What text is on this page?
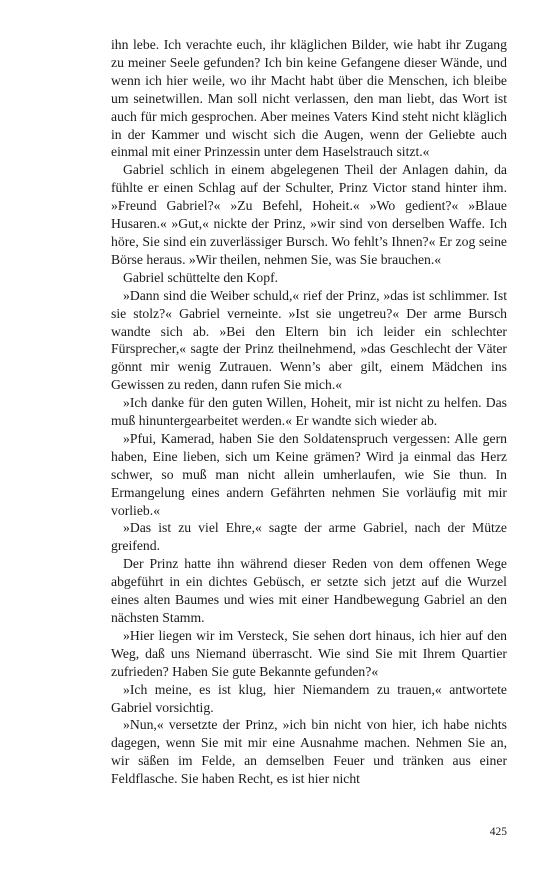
ihn lebe. Ich verachte euch, ihr kläglichen Bilder, wie habt ihr Zugang zu meiner Seele gefunden? Ich bin keine Gefangene dieser Wände, und wenn ich hier weile, wo ihr Macht habt über die Menschen, ich bleibe um seinetwillen. Man soll nicht verlassen, den man liebt, das Wort ist auch für mich gesprochen. Aber meines Vaters Kind steht nicht kläglich in der Kammer und wischt sich die Augen, wenn der Geliebte auch einmal mit einer Prinzessin unter dem Haselstrauch sitzt.«

Gabriel schlich in einem abgelegenen Theil der Anlagen dahin, da fühlte er einen Schlag auf der Schulter, Prinz Victor stand hinter ihm. »Freund Gabriel?« »Zu Befehl, Hoheit.« »Wo gedient?« »Blaue Husaren.« »Gut,« nickte der Prinz, »wir sind von derselben Waffe. Ich höre, Sie sind ein zuverlässiger Bursch. Wo fehlt’s Ihnen?« Er zog seine Börse heraus. »Wir theilen, nehmen Sie, was Sie brauchen.«

Gabriel schüttelte den Kopf.

»Dann sind die Weiber schuld,« rief der Prinz, »das ist schlimmer. Ist sie stolz?« Gabriel verneinte. »Ist sie ungetreu?« Der arme Bursch wandte sich ab. »Bei den Eltern bin ich leider ein schlechter Fürsprecher,« sagte der Prinz theilnehmend, »das Geschlecht der Väter gönnt mir wenig Zutrauen. Wenn’s aber gilt, einem Mädchen ins Gewissen zu reden, dann rufen Sie mich.«

»Ich danke für den guten Willen, Hoheit, mir ist nicht zu helfen. Das muß hinuntergearbeitet werden.« Er wandte sich wieder ab.

»Pfui, Kamerad, haben Sie den Soldatenspruch vergessen: Alle gern haben, Eine lieben, sich um Keine grämen? Wird ja einmal das Herz schwer, so muß man nicht allein umherlaufen, wie Sie thun. In Ermangelung eines andern Gefährten nehmen Sie vorläufig mit mir vorlieb.«

»Das ist zu viel Ehre,« sagte der arme Gabriel, nach der Mütze greifend.

Der Prinz hatte ihn während dieser Reden von dem offenen Wege abgeführt in ein dichtes Gebüsch, er setzte sich jetzt auf die Wurzel eines alten Baumes und wies mit einer Handbewegung Gabriel an den nächsten Stamm.

»Hier liegen wir im Versteck, Sie sehen dort hinaus, ich hier auf den Weg, daß uns Niemand überrascht. Wie sind Sie mit Ihrem Quartier zufrieden? Haben Sie gute Bekannte gefunden?«

»Ich meine, es ist klug, hier Niemandem zu trauen,« antwortete Gabriel vorsichtig.

»Nun,« versetzte der Prinz, »ich bin nicht von hier, ich habe nichts dagegen, wenn Sie mit mir eine Ausnahme machen. Nehmen Sie an, wir säßen im Felde, an demselben Feuer und tränken aus einer Feldflasche. Sie haben Recht, es ist hier nicht

425
